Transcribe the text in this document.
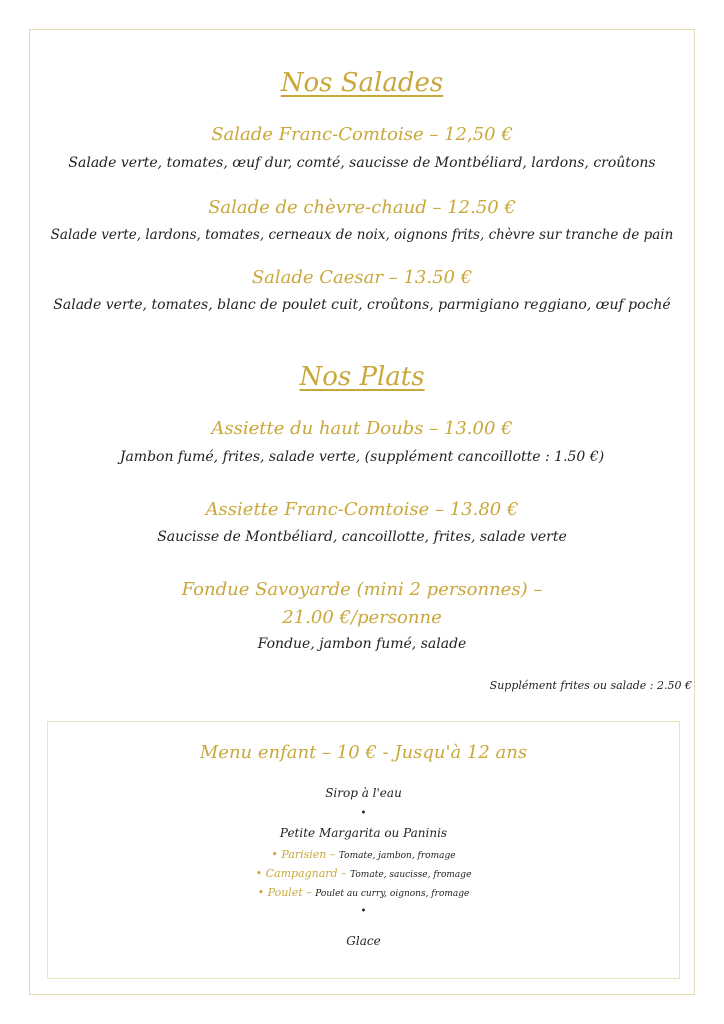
Nos Salades
Salade Franc-Comtoise – 12,50 €
Salade verte, tomates, œuf dur, comté, saucisse de Montbéliard, lardons, croûtons
Salade de chèvre-chaud – 12.50 €
Salade verte, lardons, tomates, cerneaux de noix, oignons frits, chèvre sur tranche de pain
Salade Caesar – 13.50 €
Salade verte, tomates, blanc de poulet cuit, croûtons, parmigiano reggiano, œuf poché
Nos Plats
Assiette du haut Doubs – 13.00 €
Jambon fumé, frites, salade verte, (supplément cancoillotte : 1.50 €)
Assiette Franc-Comtoise – 13.80 €
Saucisse de Montbéliard, cancoillotte, frites, salade verte
Fondue Savoyarde (mini 2 personnes) –
21.00 €/personne
Fondue, jambon fumé, salade
Supplément frites ou salade : 2.50 €
Menu enfant – 10 € - Jusqu'à 12 ans
Sirop à l'eau
•
Petite Margarita ou Paninis
• Parisien – Tomate, jambon, fromage
• Campagnard – Tomate, saucisse, fromage
• Poulet – Poulet au curry, oignons, fromage
•
Glace
